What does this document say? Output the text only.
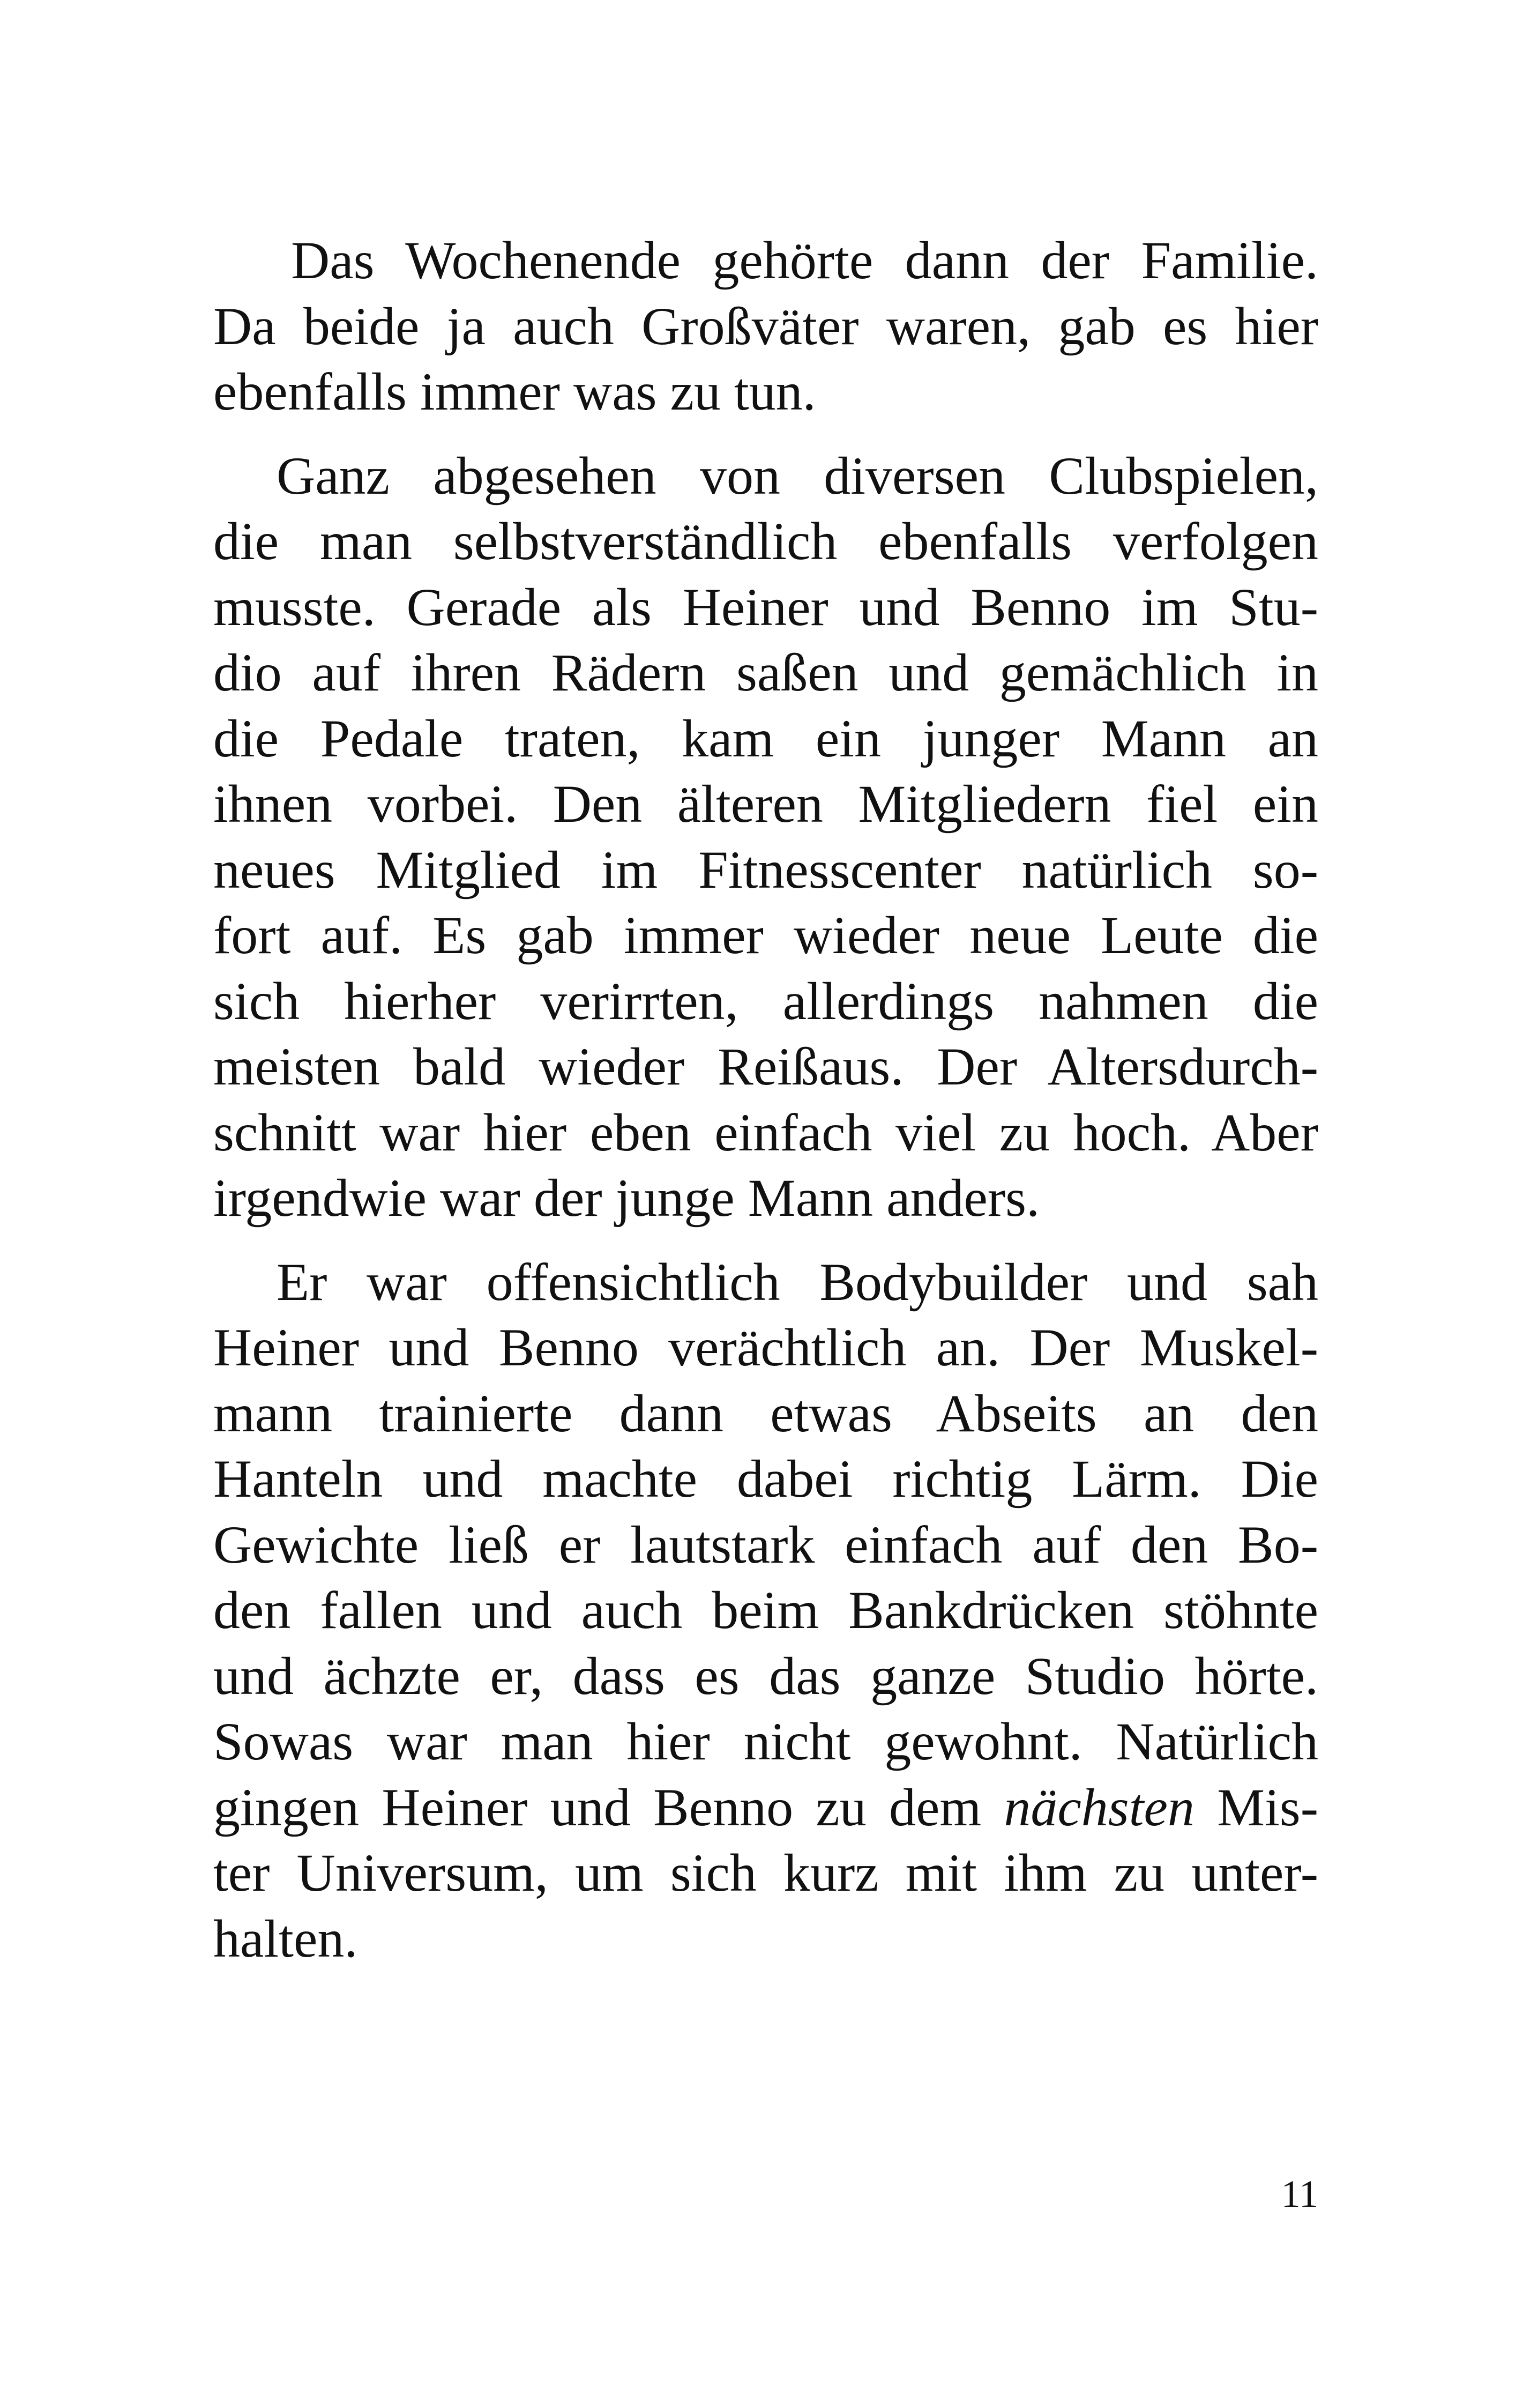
Das Wochenende gehörte dann der Familie.
Da beide ja auch Großväter waren, gab es hier
ebenfalls immer was zu tun.
Ganz abgesehen von diversen Clubspielen,
die man selbstverständlich ebenfalls verfolgen
musste. Gerade als Heiner und Benno im Stu-
dio auf ihren Rädern saßen und gemächlich in
die Pedale traten, kam ein junger Mann an
ihnen vorbei. Den älteren Mitgliedern fiel ein
neues Mitglied im Fitnesscenter natürlich so-
fort auf. Es gab immer wieder neue Leute die
sich hierher verirrten, allerdings nahmen die
meisten bald wieder Reißaus. Der Altersdurch-
schnitt war hier eben einfach viel zu hoch. Aber
irgendwie war der junge Mann anders.
Er war offensichtlich Bodybuilder und sah
Heiner und Benno verächtlich an. Der Muskel-
mann trainierte dann etwas Abseits an den
Hanteln und machte dabei richtig Lärm. Die
Gewichte ließ er lautstark einfach auf den Bo-
den fallen und auch beim Bankdrücken stöhnte
und ächzte er, dass es das ganze Studio hörte.
Sowas war man hier nicht gewohnt. Natürlich
gingen Heiner und Benno zu dem nächsten Mis-
ter Universum, um sich kurz mit ihm zu unter-
halten.
11
